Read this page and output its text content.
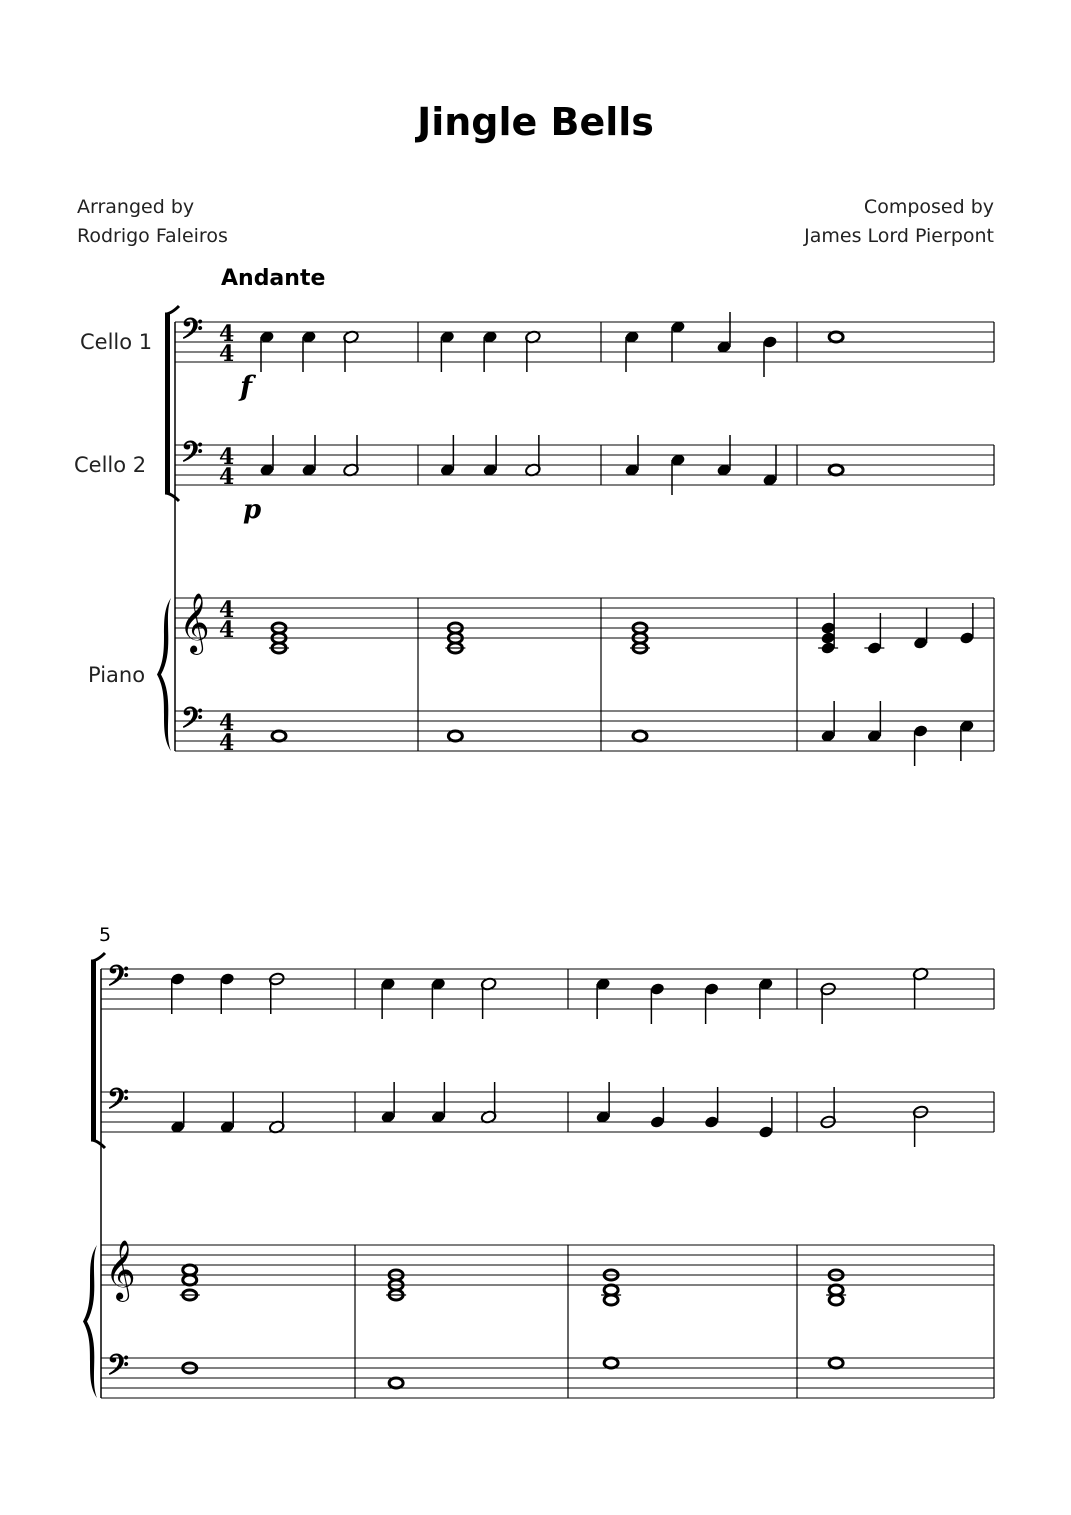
Jingle Bells
Arranged by
Rodrigo Faleiros
Composed by
James Lord Pierpont
Andante
Cello 1
Cello 2
Piano
5
𝄢 4
4
𝄢 4
4
𝄞 4
4
𝄢 4
4
𝄢
𝄢
𝄞
𝄢
f
p
